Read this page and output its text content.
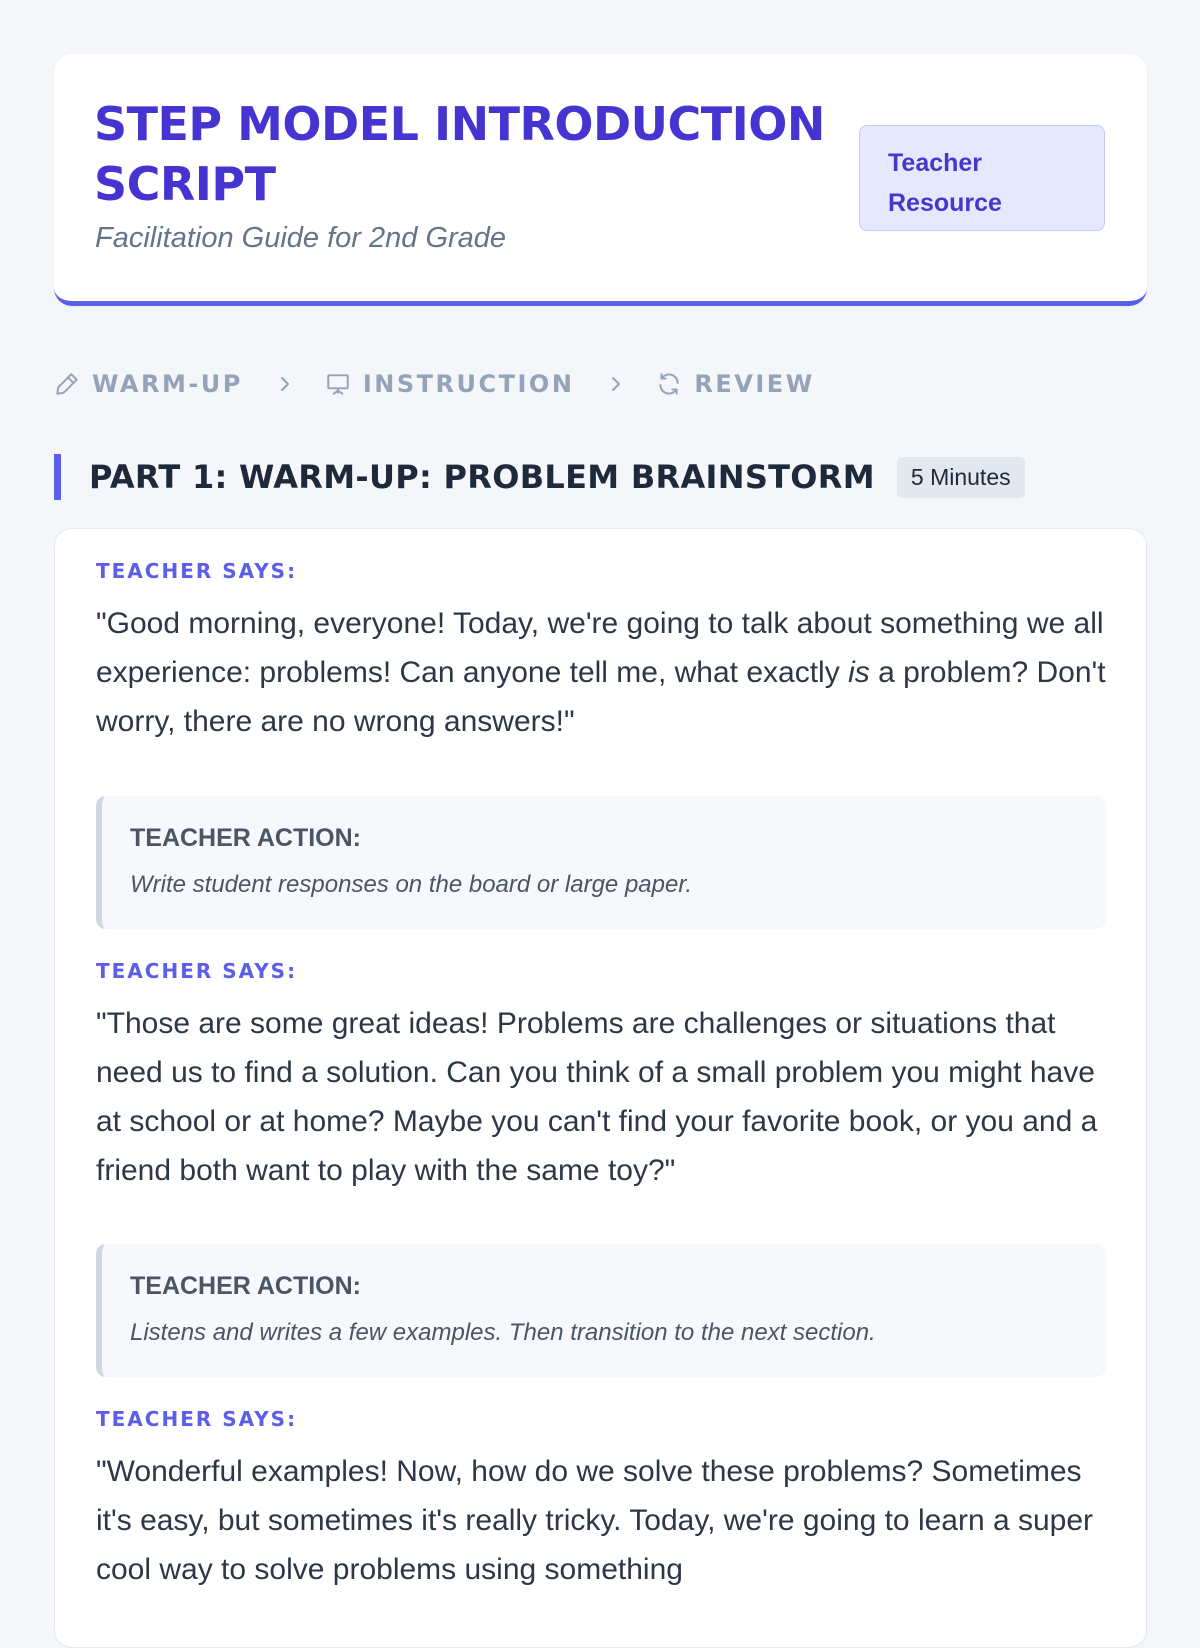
STEP MODEL INTRODUCTION SCRIPT

Facilitation Guide for 2nd Grade

Teacher Resource
WARM-UP	INSTRUCTION	REVIEW
PART 1: WARM-UP: PROBLEM BRAINSTORM	5 Minutes
TEACHER SAYS:

"Good morning, everyone! Today, we're going to talk about something we all experience: problems! Can anyone tell me, what exactly is a problem? Don't worry, there are no wrong answers!"

TEACHER ACTION:

Write student responses on the board or large paper.

TEACHER SAYS:

"Those are some great ideas! Problems are challenges or situations that need us to find a solution. Can you think of a small problem you might have at school or at home? Maybe you can't find your favorite book, or you and a friend both want to play with the same toy?"

TEACHER ACTION:

Listens and writes a few examples. Then transition to the next section.

TEACHER SAYS:

"Wonderful examples! Now, how do we solve these problems? Sometimes it's easy, but sometimes it's really tricky. Today, we're going to learn a super cool way to solve problems using something
